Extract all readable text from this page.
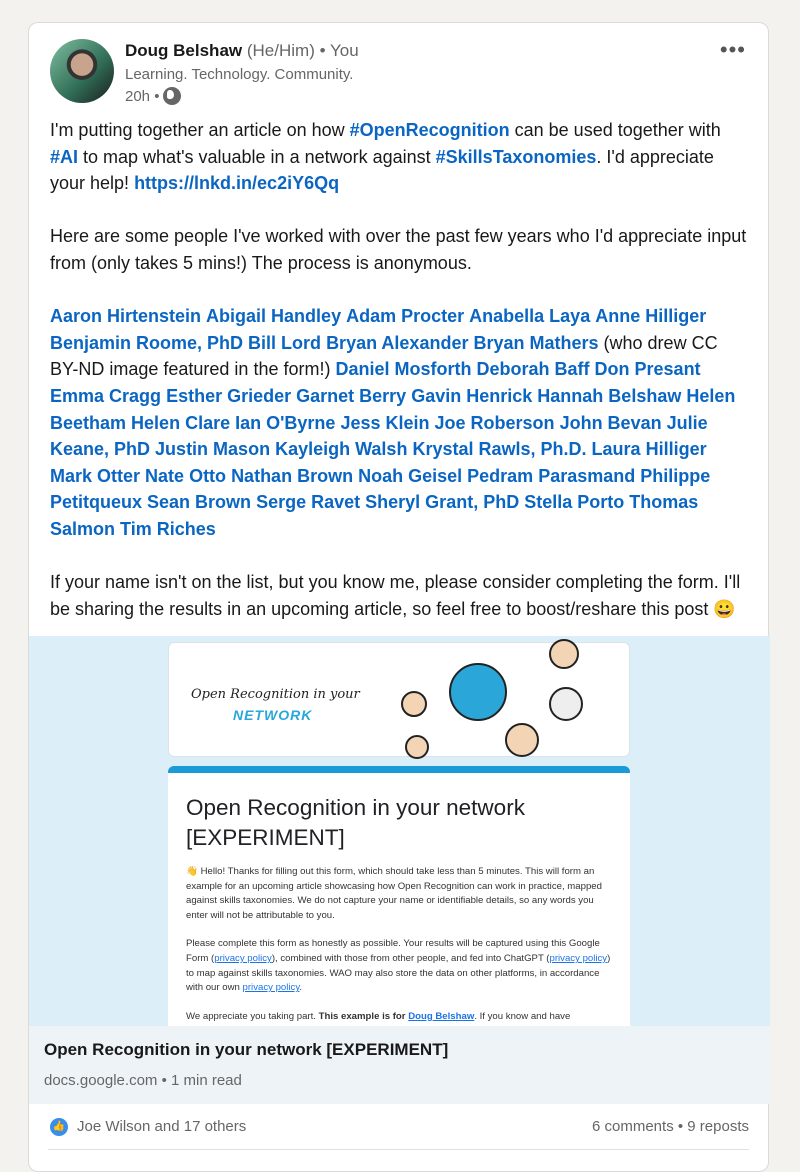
Doug Belshaw (He/Him) • You
Learning. Technology. Community.
20h •
•••

I'm putting together an article on how #OpenRecognition can be used together with #AI to map what's valuable in a network against #SkillsTaxonomies. I'd appreciate your help! https://lnkd.in/ec2iY6Qq

Here are some people I've worked with over the past few years who I'd appreciate input from (only takes 5 mins!) The process is anonymous.

Aaron Hirtenstein Abigail Handley Adam Procter Anabella Laya Anne Hilliger Benjamin Roome, PhD Bill Lord Bryan Alexander Bryan Mathers (who drew CC BY-ND image featured in the form!) Daniel Mosforth Deborah Baff Don Presant Emma Cragg Esther Grieder Garnet Berry Gavin Henrick Hannah Belshaw Helen Beetham Helen Clare Ian O'Byrne Jess Klein Joe Roberson John Bevan Julie Keane, PhD Justin Mason Kayleigh Walsh Krystal Rawls, Ph.D. Laura Hilliger Mark Otter Nate Otto Nathan Brown Noah Geisel Pedram Parasmand Philippe Petitqueux Sean Brown Serge Ravet Sheryl Grant, PhD Stella Porto Thomas Salmon Tim Riches

If your name isn't on the list, but you know me, please consider completing the form. I'll be sharing the results in an upcoming article, so feel free to boost/reshare this post 😀

Open Recognition in your
NETWORK
Open Recognition in your network [EXPERIMENT]

👋 Hello! Thanks for filling out this form, which should take less than 5 minutes. This will form an example for an upcoming article showcasing how Open Recognition can work in practice, mapped against skills taxonomies. We do not capture your name or identifiable details, so any words you enter will not be attributable to you.

Please complete this form as honestly as possible. Your results will be captured using this Google Form (privacy policy), combined with those from other people, and fed into ChatGPT (privacy policy) to map against skills taxonomies. WAO may also store the data on other platforms, in accordance with our own privacy policy.

We appreciate you taking part. This example is for Doug Belshaw. If you know and have

Open Recognition in your network [EXPERIMENT]
docs.google.com • 1 min read
👍 Joe Wilson and 17 others	6 comments • 9 reposts
